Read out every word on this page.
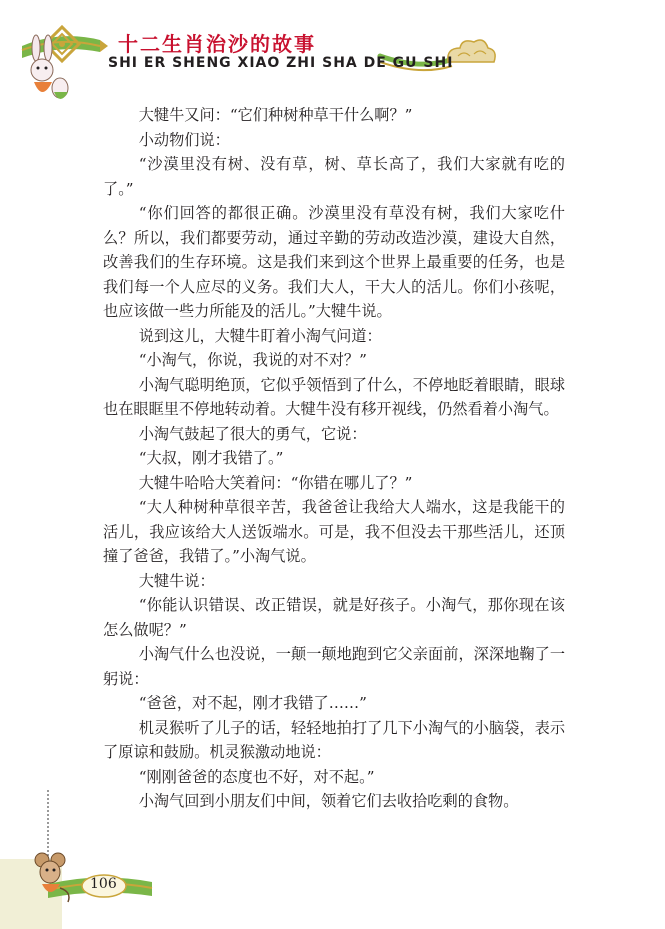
十二生肖治沙的故事
SHI ER SHENG XIAO ZHI SHA DE GU SHI

大犍牛又问：“它们种树种草干什么啊？”

小动物们说：

“沙漠里没有树、没有草，树、草长高了，我们大家就有吃的了。”

“你们回答的都很正确。沙漠里没有草没有树，我们大家吃什么？所以，我们都要劳动，通过辛勤的劳动改造沙漠，建设大自然，改善我们的生存环境。这是我们来到这个世界上最重要的任务，也是我们每一个人应尽的义务。我们大人，干大人的活儿。你们小孩呢，也应该做一些力所能及的活儿。”大犍牛说。

说到这儿，大犍牛盯着小淘气问道：

“小淘气，你说，我说的对不对？”

小淘气聪明绝顶，它似乎领悟到了什么，不停地眨着眼睛，眼球也在眼眶里不停地转动着。大犍牛没有移开视线，仍然看着小淘气。

小淘气鼓起了很大的勇气，它说：

“大叔，刚才我错了。”

大犍牛哈哈大笑着问：“你错在哪儿了？”

“大人种树种草很辛苦，我爸爸让我给大人端水，这是我能干的活儿，我应该给大人送饭端水。可是，我不但没去干那些活儿，还顶撞了爸爸，我错了。”小淘气说。

大犍牛说：

“你能认识错误、改正错误，就是好孩子。小淘气，那你现在该怎么做呢？”

小淘气什么也没说，一颠一颠地跑到它父亲面前，深深地鞠了一躬说：

“爸爸，对不起，刚才我错了……”

机灵猴听了儿子的话，轻轻地拍打了几下小淘气的小脑袋，表示了原谅和鼓励。机灵猴激动地说：

“刚刚爸爸的态度也不好，对不起。”

小淘气回到小朋友们中间，领着它们去收拾吃剩的食物。

106
